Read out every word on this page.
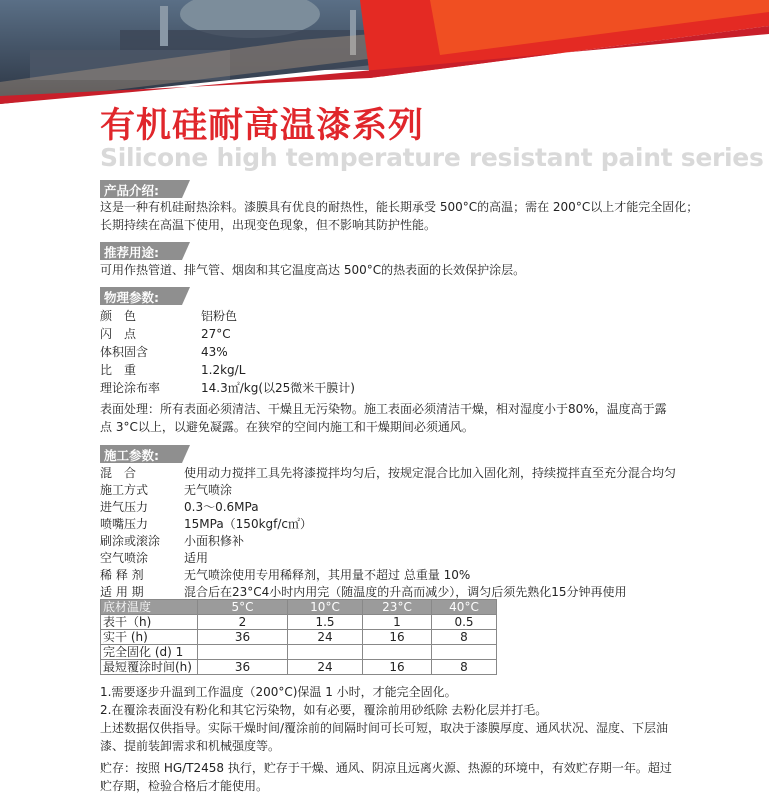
有机硅耐高温漆系列
Silicone high temperature resistant paint series
产品介绍:
这是一种有机硅耐热涂料。漆膜具有优良的耐热性，能长期承受 500°C的高温；需在 200°C以上才能完全固化；
长期持续在高温下使用，出现变色现象，但不影响其防护性能。
推荐用途:
可用作热管道、排气管、烟囱和其它温度高达 500°C的热表面的长效保护涂层。
物理参数:
颜　色	铝粉色
闪　点	27°C
体积固含	43%
比　重	1.2kg/L
理论涂布率	14.3㎡/kg(以25微米干膜计)
表面处理：所有表面必须清洁、干燥且无污染物。施工表面必须清洁干燥，相对湿度小于80%，温度高于露
点 3°C以上，以避免凝露。在狭窄的空间内施工和干燥期间必须通风。
施工参数:
混　合	使用动力搅拌工具先将漆搅拌均匀后，按规定混合比加入固化剂，持续搅拌直至充分混合均匀
施工方式	无气喷涂
进气压力	0.3～0.6MPa
喷嘴压力	15MPa（150kgf/c㎡）
刷涂或滚涂 小面积修补
空气喷涂	适用
稀 释 剂	无气喷涂使用专用稀释剂，其用量不超过 总重量 10%
适 用 期	混合后在23°C4小时内用完（随温度的升高而减少），调匀后须先熟化15分钟再使用
底材温度	5°C	10°C	23°C	40°C
表干（h)	2	1.5	1	0.5
实干 (h)	36	24	16	8
完全固化 (d) 1				
最短覆涂时间(h)	36	24	16	8
1.需要逐步升温到工作温度（200°C)保温 1 小时，才能完全固化。
2.在覆涂表面没有粉化和其它污染物，如有必要，覆涂前用砂纸除 去粉化层并打毛。
上述数据仅供指导。实际干燥时间/覆涂前的间隔时间可长可短，取决于漆膜厚度、通风状况、湿度、下层油
漆、提前装卸需求和机械强度等。
贮存：按照 HG/T2458 执行，贮存于干燥、通风、阴凉且远离火源、热源的环境中，有效贮存期一年。超过
贮存期，检验合格后才能使用。
